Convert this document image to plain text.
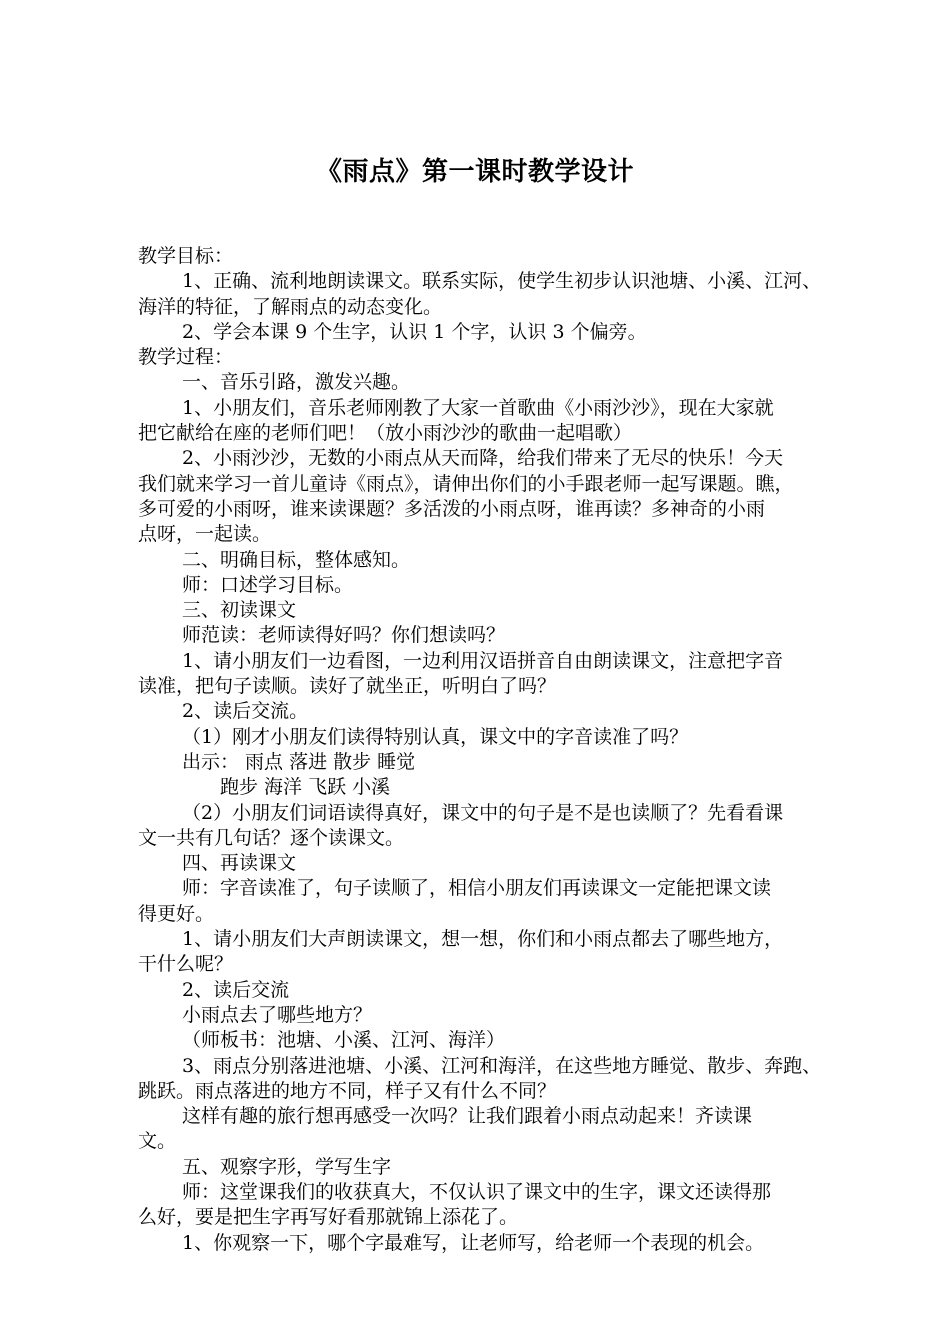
《雨点》第一课时教学设计

教学目标：

1、正确、流利地朗读课文。联系实际，使学生初步认识池塘、小溪、江河、

海洋的特征，了解雨点的动态变化。

2、学会本课 9 个生字，认识 1 个字，认识 3 个偏旁。

教学过程：

一、音乐引路，激发兴趣。

1、小朋友们，音乐老师刚教了大家一首歌曲《小雨沙沙》，现在大家就

把它献给在座的老师们吧！（放小雨沙沙的歌曲一起唱歌）

2、小雨沙沙，无数的小雨点从天而降，给我们带来了无尽的快乐！今天

我们就来学习一首儿童诗《雨点》，请伸出你们的小手跟老师一起写课题。瞧，

多可爱的小雨呀，谁来读课题？多活泼的小雨点呀，谁再读？多神奇的小雨

点呀，一起读。

二、明确目标，整体感知。

师：口述学习目标。

三、初读课文

师范读：老师读得好吗？你们想读吗？

1、请小朋友们一边看图，一边利用汉语拼音自由朗读课文，注意把字音

读准，把句子读顺。读好了就坐正，听明白了吗？

2、读后交流。

（1）刚才小朋友们读得特别认真，课文中的字音读准了吗？

出示： 雨点 落进 散步 睡觉

跑步 海洋 飞跃 小溪

（2）小朋友们词语读得真好，课文中的句子是不是也读顺了？先看看课

文一共有几句话？逐个读课文。

四、再读课文

师：字音读准了，句子读顺了，相信小朋友们再读课文一定能把课文读

得更好。

1、请小朋友们大声朗读课文，想一想，你们和小雨点都去了哪些地方，

干什么呢？

2、读后交流

小雨点去了哪些地方？

（师板书：池塘、小溪、江河、海洋）

3、雨点分别落进池塘、小溪、江河和海洋，在这些地方睡觉、散步、奔跑、

跳跃。雨点落进的地方不同，样子又有什么不同？

这样有趣的旅行想再感受一次吗？让我们跟着小雨点动起来！齐读课

文。

五、观察字形，学写生字

师：这堂课我们的收获真大，不仅认识了课文中的生字，课文还读得那

么好，要是把生字再写好看那就锦上添花了。

1、你观察一下，哪个字最难写，让老师写，给老师一个表现的机会。
